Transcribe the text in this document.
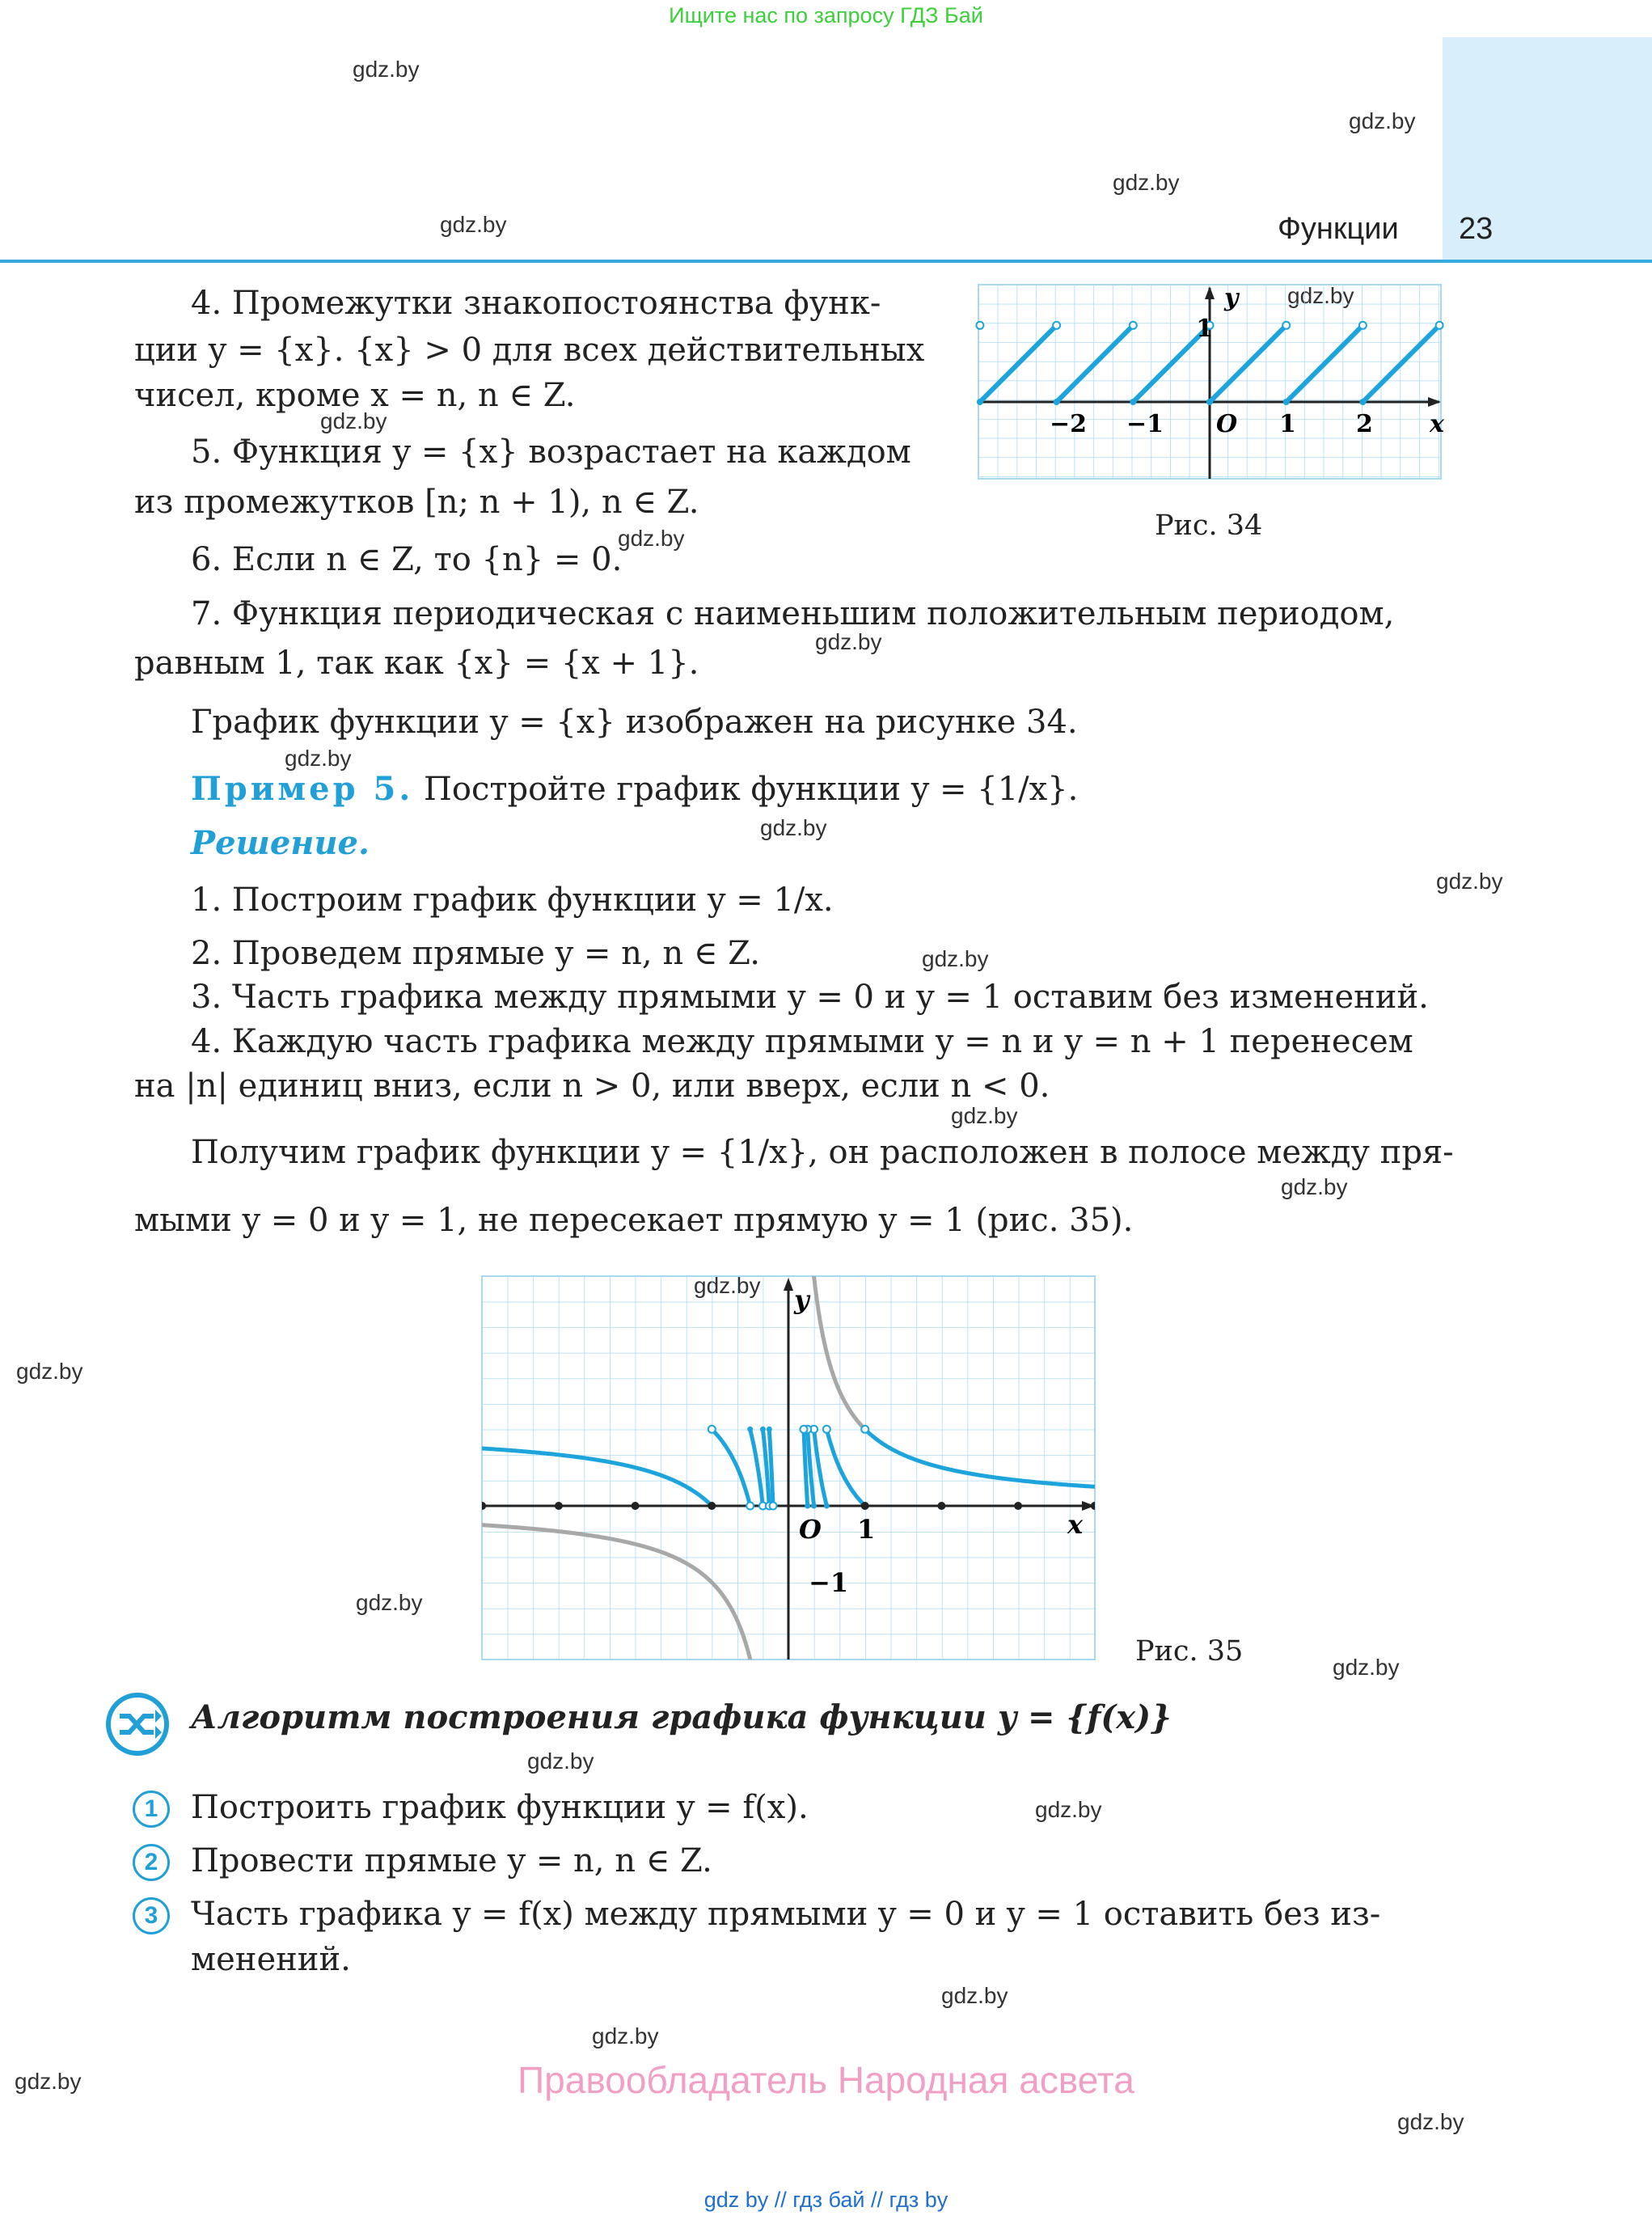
Ищите нас по запросу ГДЗ Бай
Функции 23
gdz.by
gdz.by
gdz.by
gdz.by
gdz.by
gdz.by
gdz.by
gdz.by
gdz.by
gdz.by
gdz.by
gdz.by
gdz.by
gdz.by
gdz.by
gdz.by
gdz.by
gdz.by
gdz.by
gdz.by
gdz.by
gdz.by
4. Промежутки знакопостоянства функ-
ции y = {x}. {x} > 0 для всех действительных
чисел, кроме x = n, n ∈ Z.
5. Функция y = {x} возрастает на каждом
из промежутков [n; n + 1), n ∈ Z.
6. Если n ∈ Z, то {n} = 0.
7. Функция периодическая с наименьшим положительным периодом,
равным 1, так как {x} = {x + 1}.
График функции y = {x} изображен на рисунке 34.
Пример 5. Постройте график функции y = {1/x}.
Решение.
1. Построим график функции y = 1/x.
2. Проведем прямые y = n, n ∈ Z.
3. Часть графика между прямыми y = 0 и y = 1 оставим без изменений.
4. Каждую часть графика между прямыми y = n и y = n + 1 перенесем
на |n| единиц вниз, если n > 0, или вверх, если n < 0.
Получим график функции y = {1/x}, он расположен в полосе между пря-
мыми y = 0 и y = 1, не пересекает прямую y = 1 (рис. 35).
1
y
x
O
−2 −1	1 2
Рис. 34
y
x
O 1
−1
Рис. 35
Алгоритм построения графика функции y = {f(x)}
1	Построить график функции y = f(x).
2	Провести прямые y = n, n ∈ Z.
3	Часть графика y = f(x) между прямыми y = 0 и y = 1 оставить без из-
менений.
Правообладатель Народная асвета
gdz by // гдз бай // гдз by
